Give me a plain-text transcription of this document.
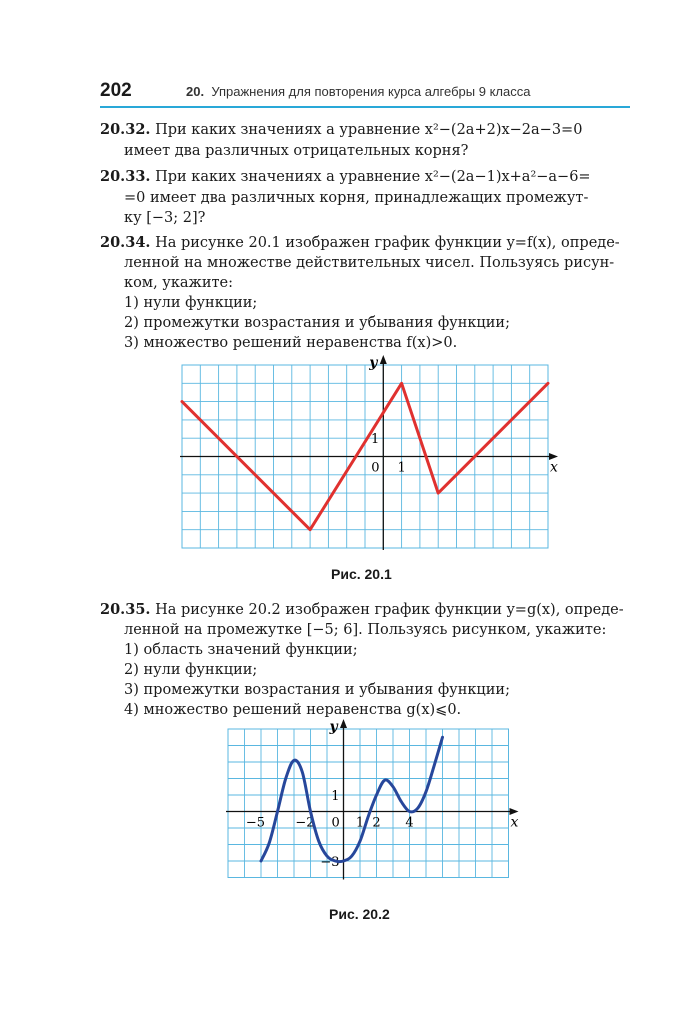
202	20. Упражнения для повторения курса алгебры 9 класса
20.32. При каких значениях a уравнение x²−(2a+2)x−2a−3=0
имеет два различных отрицательных корня?
20.33. При каких значениях a уравнение x²−(2a−1)x+a²−a−6=
=0 имеет два различных корня, принадлежащих промежут-
ку [−3; 2]?
20.34. На рисунке 20.1 изображен график функции y=f(x), опреде-
ленной на множестве действительных чисел. Пользуясь рисун-
ком, укажите:
1) нули функции;
2) промежутки возрастания и убывания функции;
3) множество решений неравенства f(x)>0.
x
y
0 1
1
Рис. 20.1
20.35. На рисунке 20.2 изображен график функции y=g(x), опреде-
ленной на промежутке [−5; 6]. Пользуясь рисунком, укажите:
1) область значений функции;
2) нули функции;
3) промежутки возрастания и убывания функции;
4) множество решений неравенства g(x)⩽0.
x
y
0
−5 −2	1 2 4
1
−3
Рис. 20.2
